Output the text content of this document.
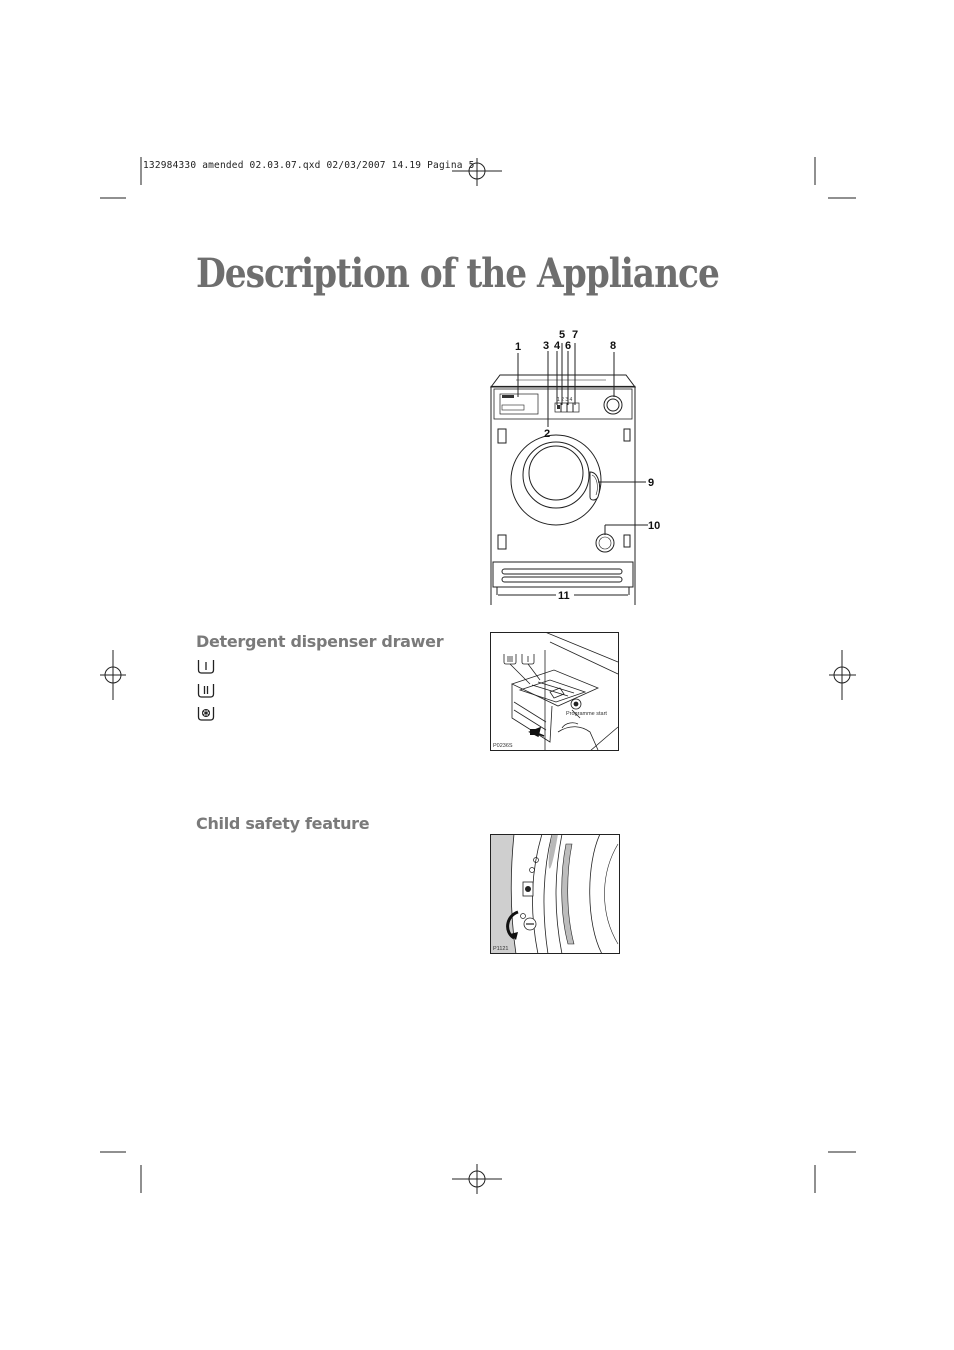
132984330 amended 02.03.07.qxd 02/03/2007 14.19 Pagina 5
Description of the Appliance
1 2 3 4
1
2
3 4
5
6
7
8
9
10
11
Detergent dispenser drawer
Programme start
P0236S
Child safety feature
P1121
